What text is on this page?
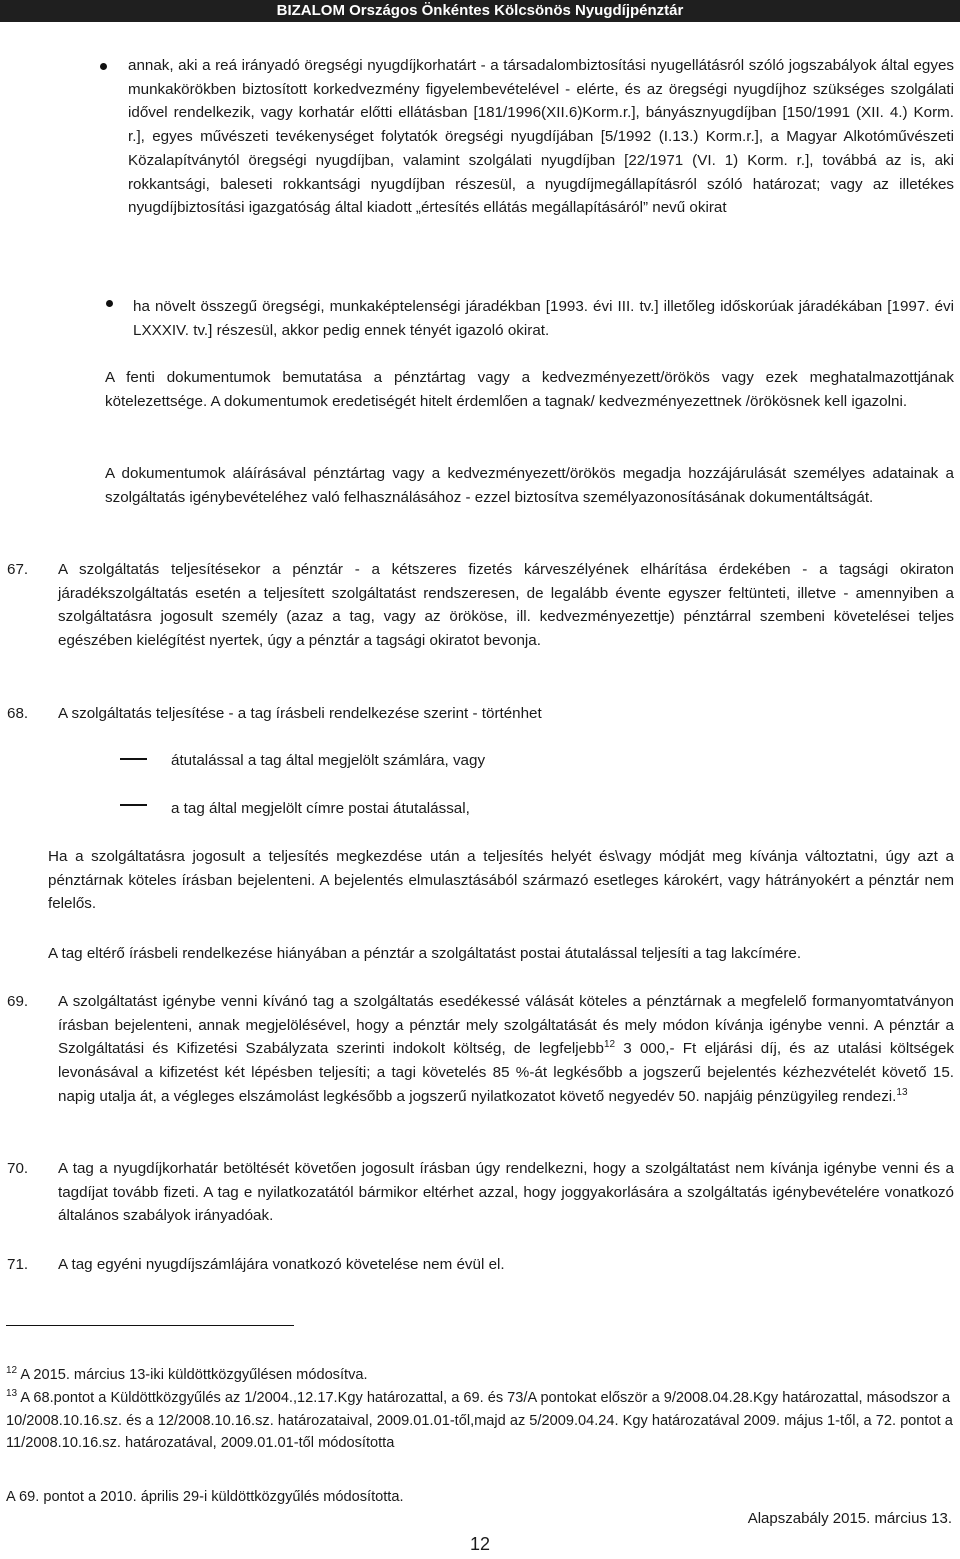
BIZALOM Országos Önkéntes Kölcsönös Nyugdíjpénztár
annak, aki a reá irányadó öregségi nyugdíjkorhatárt - a társadalombiztosítási nyugellátásról szóló jogszabályok által egyes munkakörökben biztosított korkedvezmény figyelembevételével - elérte, és az öregségi nyugdíjhoz szükséges szolgálati idővel rendelkezik, vagy korhatár előtti ellátásban [181/1996(XII.6)Korm.r.], bányásznyugdíjban [150/1991 (XII. 4.) Korm. r.], egyes művészeti tevékenységet folytatók öregségi nyugdíjában [5/1992 (I.13.) Korm.r.], a Magyar Alkotóművészeti Közalapítványtól öregségi nyugdíjban, valamint szolgálati nyugdíjban [22/1971 (VI. 1) Korm. r.], továbbá az is, aki rokkantsági, baleseti rokkantsági nyugdíjban részesül, a nyugdíjmegállapításról szóló határozat; vagy az illetékes nyugdíjbiztosítási igazgatóság által kiadott „értesítés ellátás megállapításáról” nevű okirat
ha növelt összegű öregségi, munkaképtelenségi járadékban [1993. évi III. tv.] illetőleg időskorúak járadékában [1997. évi LXXXIV. tv.] részesül, akkor pedig ennek tényét igazoló okirat.
A fenti dokumentumok bemutatása a pénztártag vagy a kedvezményezett/örökös vagy ezek meghatalmazottjának kötelezettsége. A dokumentumok eredetiségét hitelt érdemlően a tagnak/ kedvezményezettnek /örökösnek kell igazolni.
A dokumentumok aláírásával pénztártag vagy a kedvezményezett/örökös megadja hozzájárulását személyes adatainak a szolgáltatás igénybevételéhez való felhasználásához - ezzel biztosítva személyazonosításának dokumentáltságát.
67. A szolgáltatás teljesítésekor a pénztár - a kétszeres fizetés kárveszélyének elhárítása érdekében - a tagsági okiraton járadékszolgáltatás esetén a teljesített szolgáltatást rendszeresen, de legalább évente egyszer feltünteti, illetve - amennyiben a szolgáltatásra jogosult személy (azaz a tag, vagy az örököse, ill. kedvezményezettje) pénztárral szembeni követelései teljes egészében kielégítést nyertek, úgy a pénztár a tagsági okiratot bevonja.
68. A szolgáltatás teljesítése - a tag írásbeli rendelkezése szerint - történhet
átutalással a tag által megjelölt számlára, vagy
a tag által megjelölt címre postai átutalással,
Ha a szolgáltatásra jogosult a teljesítés megkezdése után a teljesítés helyét és\vagy módját meg kívánja változtatni, úgy azt a pénztárnak köteles írásban bejelenteni. A bejelentés elmulasztásából származó esetleges károkért, vagy hátrányokért a pénztár nem felelős.
A tag eltérő írásbeli rendelkezése hiányában a pénztár a szolgáltatást postai átutalással teljesíti a tag lakcímére.
69. A szolgáltatást igénybe venni kívánó tag a szolgáltatás esedékessé válását köteles a pénztárnak a megfelelő formanyomtatványon írásban bejelenteni, annak megjelölésével, hogy a pénztár mely szolgáltatását és mely módon kívánja igénybe venni. A pénztár a Szolgáltatási és Kifizetési Szabályzata szerinti indokolt költség, de legfeljebb$^{12}$ 3 000,- Ft eljárási díj, és az utalási költségek levonásával a kifizetést két lépésben teljesíti; a tagi követelés 85 %-át legkésőbb a jogszerű bejelentés kézhezvételét követő 15. napig utalja át, a végleges elszámolást legkésőbb a jogszerű nyilatkozatot követő negyedév 50. napjáig pénzügyileg rendezi.$^{13}$
70. A tag a nyugdíjkorhatár betöltését követően jogosult írásban úgy rendelkezni, hogy a szolgáltatást nem kívánja igénybe venni és a tagdíjat tovább fizeti. A tag e nyilatkozatától bármikor eltérhet azzal, hogy joggyakorlására a szolgáltatás igénybevételére vonatkozó általános szabályok irányadóak.
71. A tag egyéni nyugdíjszámlájára vonatkozó követelése nem évül el.
$^{12}$ A 2015. március 13-iki küldöttközgyűlésen módosítva.
$^{13}$ A 68.pontot a Küldöttközgyűlés az 1/2004.,12.17.Kgy határozattal, a 69. és 73/A pontokat először a 9/2008.04.28.Kgy határozattal, másodszor a 10/2008.10.16.sz. és a 12/2008.10.16.sz. határozataival, 2009.01.01-től,majd az 5/2009.04.24. Kgy határozatával 2009. május 1-től, a 72. pontot a 11/2008.10.16.sz. határozatával, 2009.01.01-től módosította
A 69. pontot a 2010. április 29-i küldöttközgyűlés módosította.
Alapszabály 2015. március 13.
12
